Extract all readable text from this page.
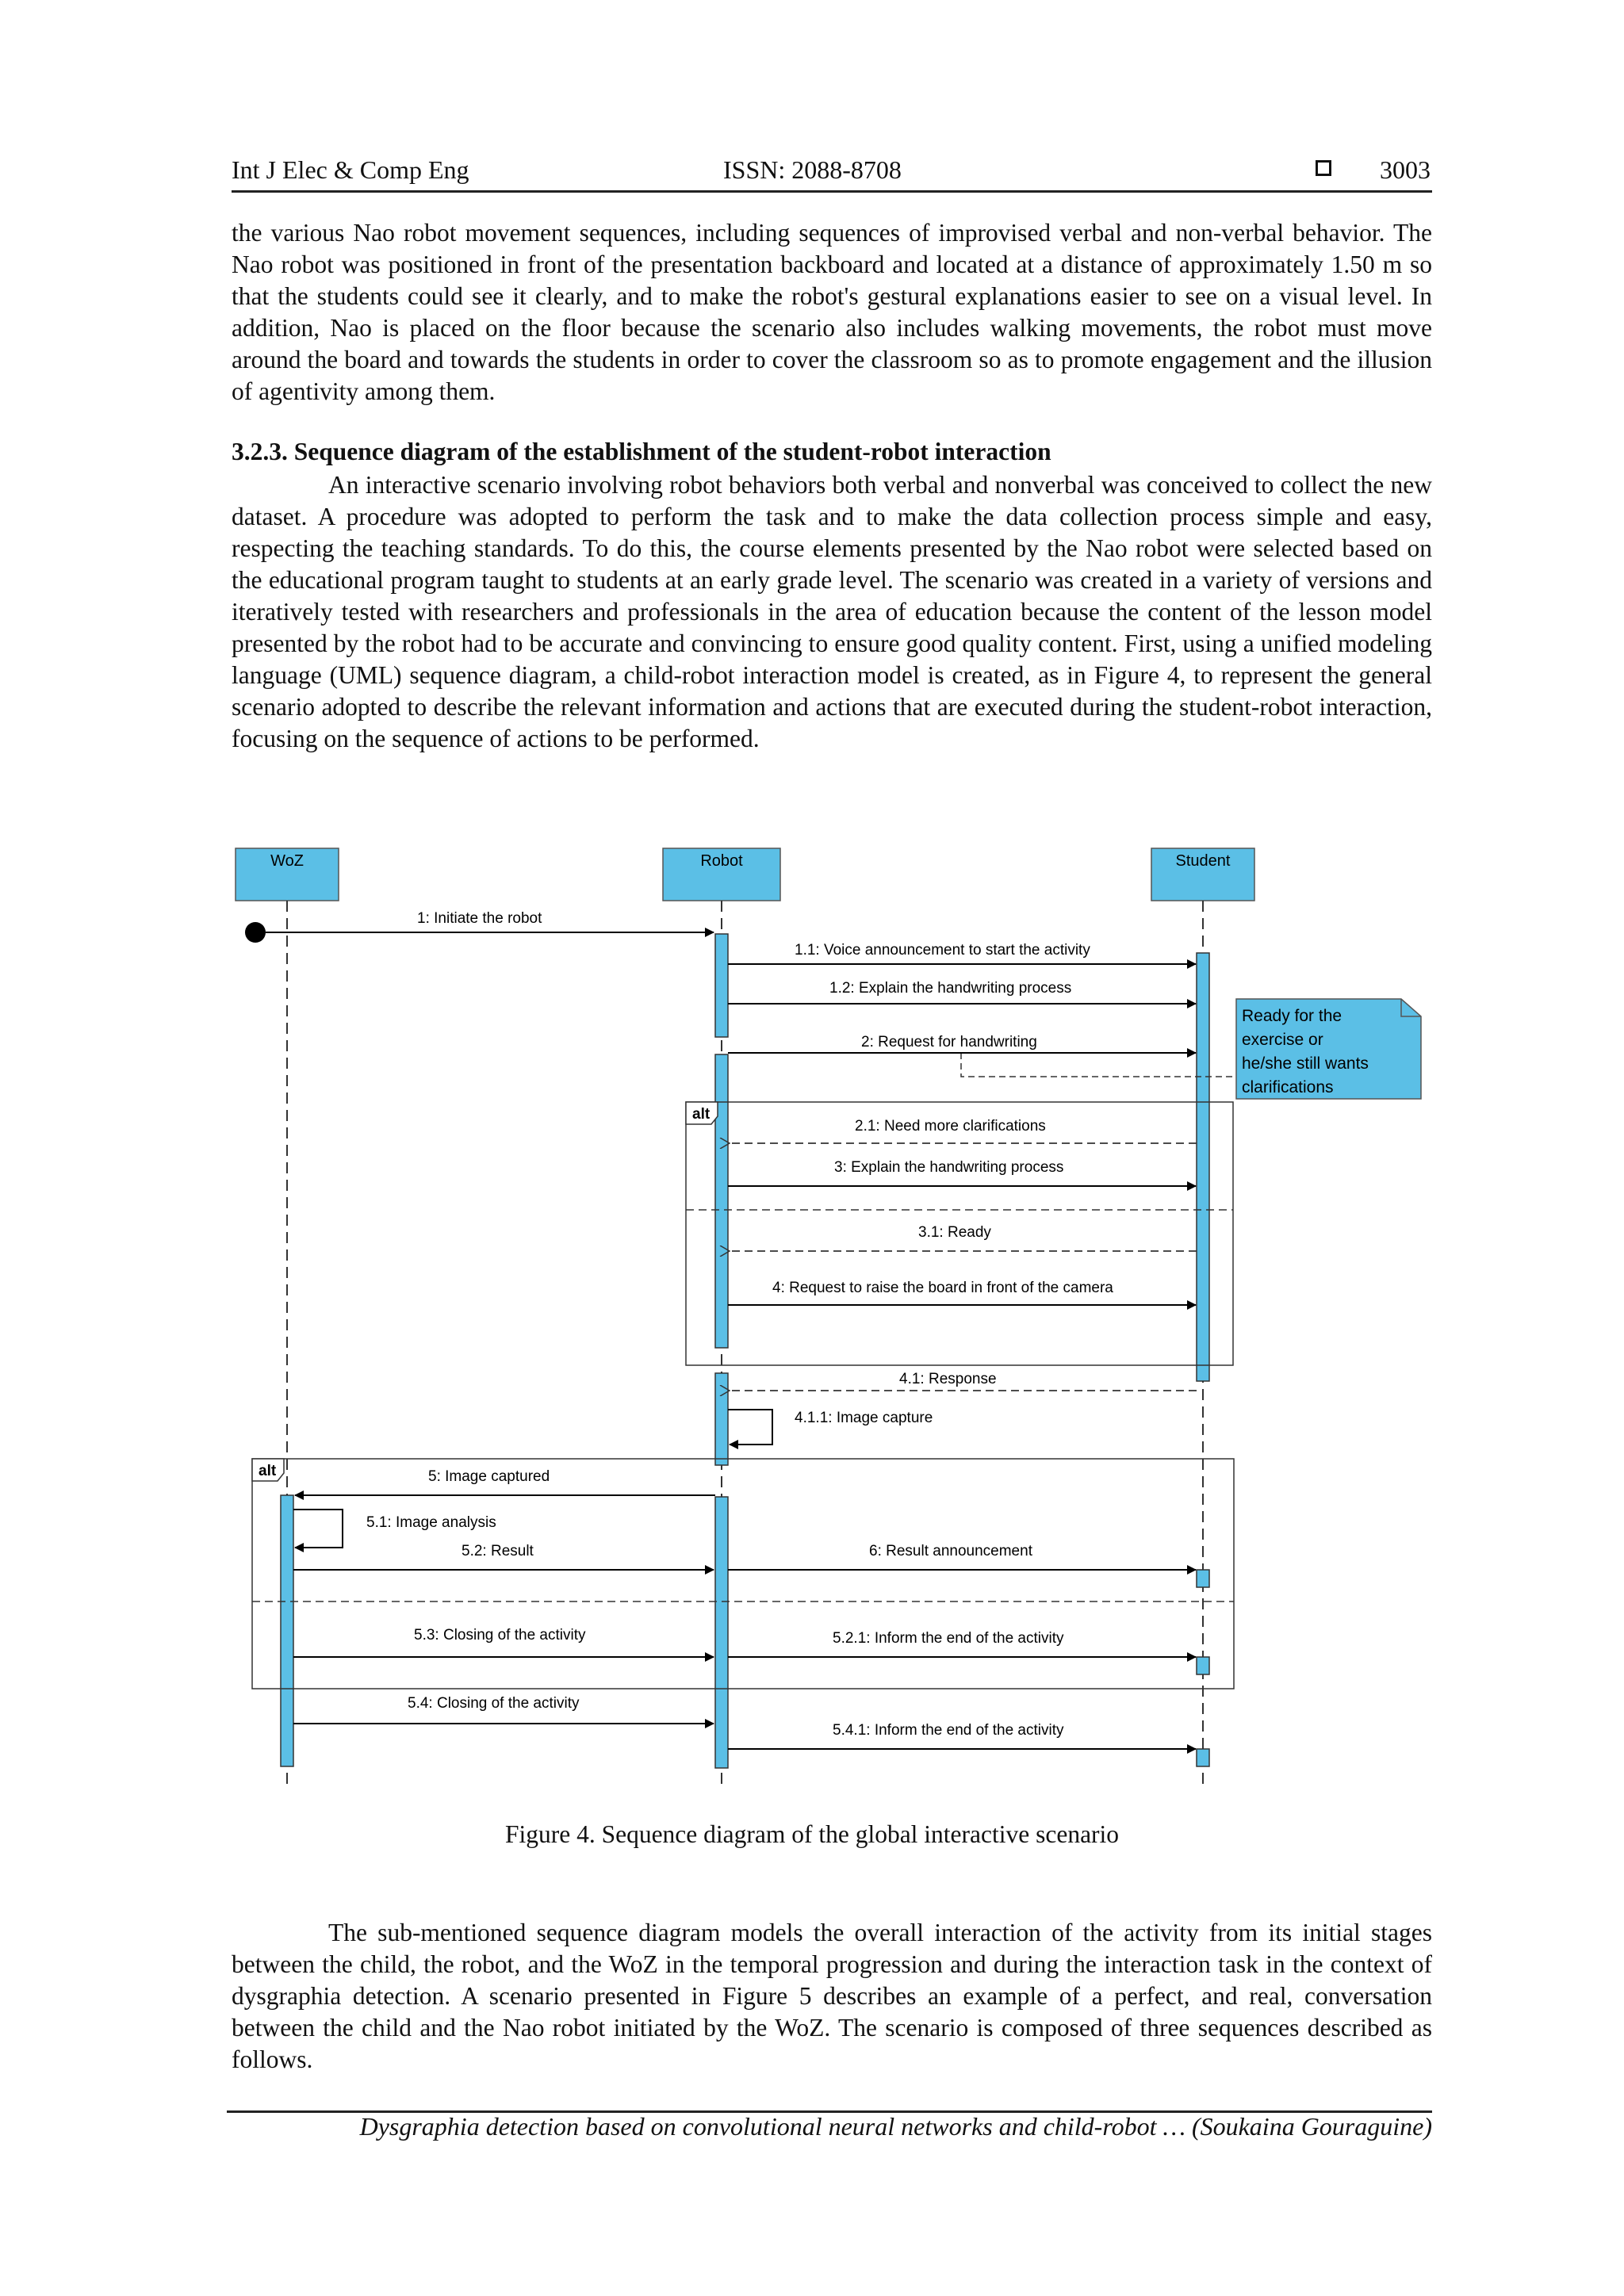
Int J Elec & Comp Eng	ISSN: 2088-8708	3003

the various Nao robot movement sequences, including sequences of improvised verbal and non-verbal behavior. The Nao robot was positioned in front of the presentation backboard and located at a distance of approximately 1.50 m so that the students could see it clearly, and to make the robot's gestural explanations easier to see on a visual level. In addition, Nao is placed on the floor because the scenario also includes walking movements, the robot must move around the board and towards the students in order to cover the classroom so as to promote engagement and the illusion of agentivity among them.

3.2.3. Sequence diagram of the establishment of the student-robot interaction

An interactive scenario involving robot behaviors both verbal and nonverbal was conceived to collect the new dataset. A procedure was adopted to perform the task and to make the data collection process simple and easy, respecting the teaching standards. To do this, the course elements presented by the Nao robot were selected based on the educational program taught to students at an early grade level. The scenario was created in a variety of versions and iteratively tested with researchers and professionals in the area of education because the content of the lesson model presented by the robot had to be accurate and convincing to ensure good quality content. First, using a unified modeling language (UML) sequence diagram, a child-robot interaction model is created, as in Figure 4, to represent the general scenario adopted to describe the relevant information and actions that are executed during the student-robot interaction, focusing on the sequence of actions to be performed.

WoZ	Robot	Student
alt
alt
Ready for the
exercise or
he/she still wants
clarifications
1: Initiate the robot
1.1: Voice announcement to start the activity
1.2: Explain the handwriting process
2: Request for handwriting
2.1: Need more clarifications
3: Explain the handwriting process
3.1: Ready
4: Request to raise the board in front of the camera
4.1: Response
4.1.1: Image capture
5: Image captured
5.1: Image analysis
5.2: Result	6: Result announcement
5.3: Closing of the activity	5.2.1: Inform the end of the activity
5.4: Closing of the activity
5.4.1: Inform the end of the activity

Figure 4. Sequence diagram of the global interactive scenario

The sub-mentioned sequence diagram models the overall interaction of the activity from its initial stages between the child, the robot, and the WoZ in the temporal progression and during the interaction task in the context of dysgraphia detection. A scenario presented in Figure 5 describes an example of a perfect, and real, conversation between the child and the Nao robot initiated by the WoZ. The scenario is composed of three sequences described as follows.

Dysgraphia detection based on convolutional neural networks and child-robot … (Soukaina Gouraguine)
